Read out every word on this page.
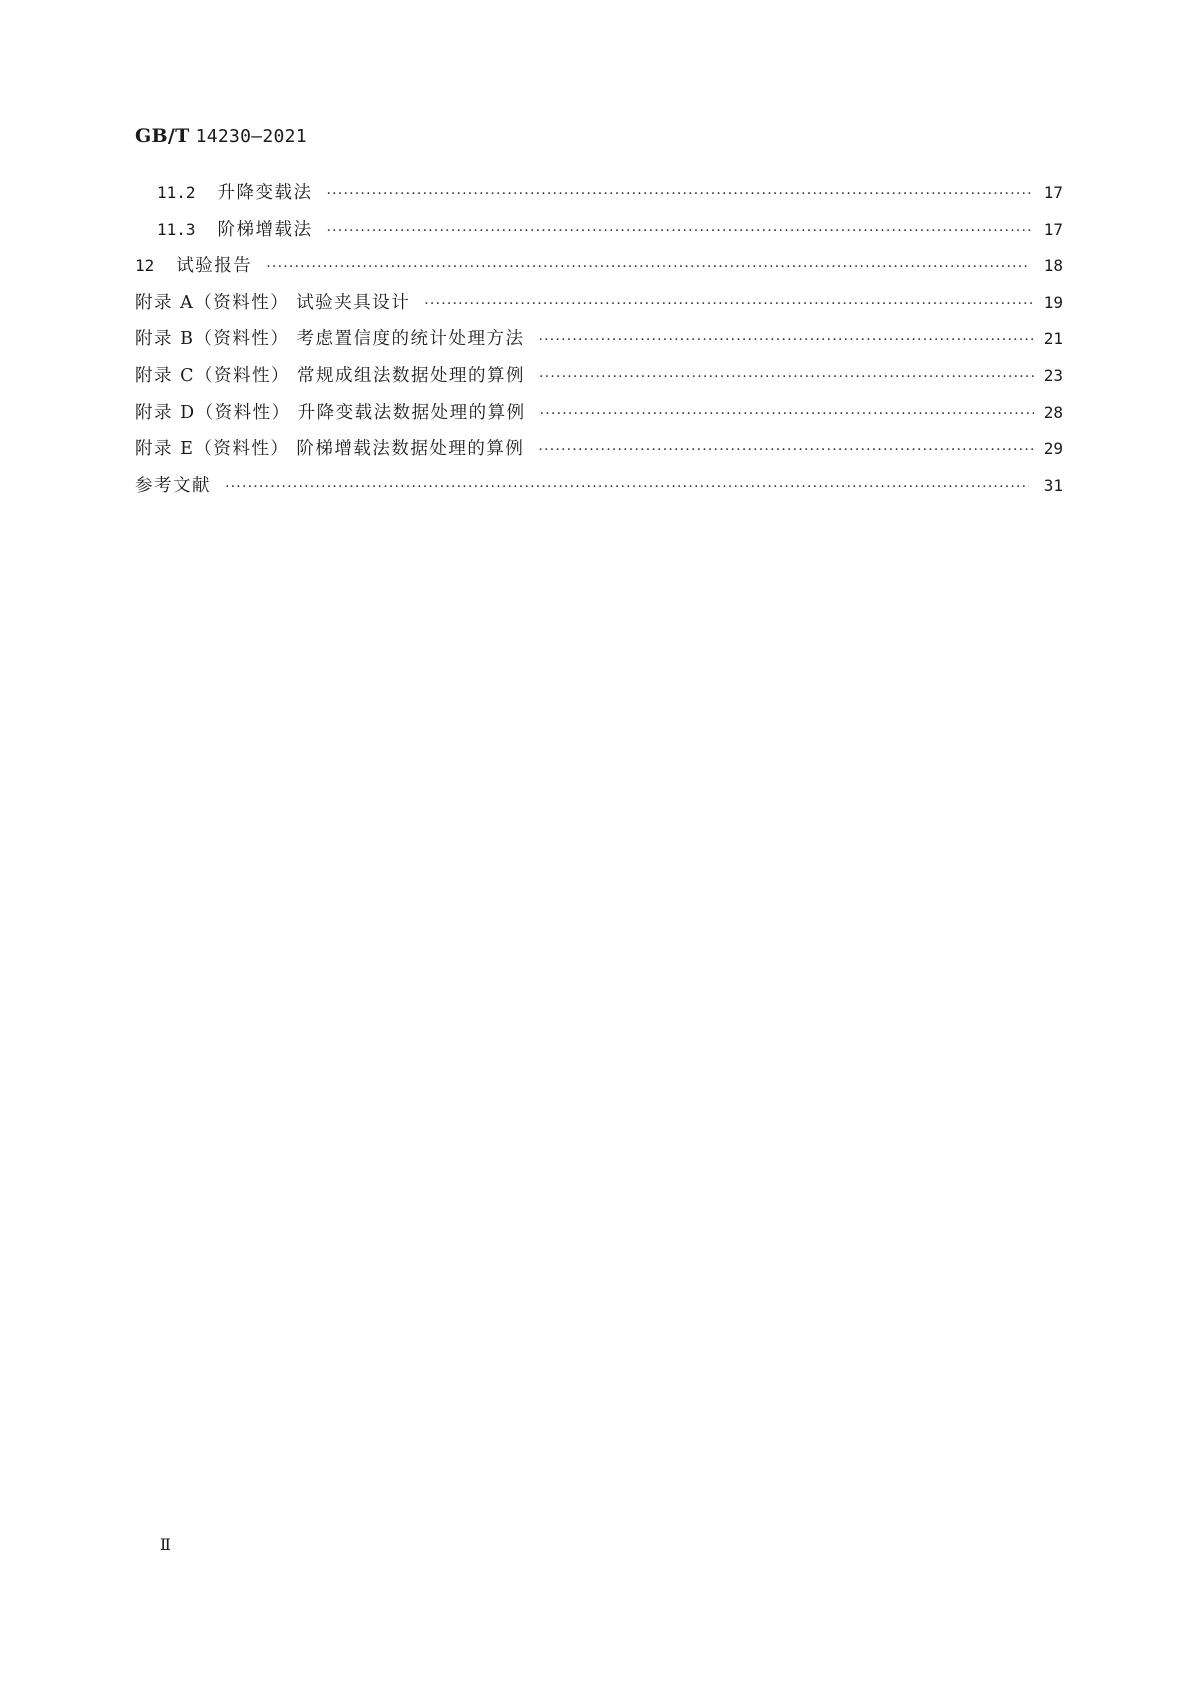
GB/T 14230—2021
11.2 升降变载法 ·····	17
11.3 阶梯增载法 ·····	17
12 试验报告 ·····	18
附录 A（资料性） 试验夹具设计 ·····	19
附录 B（资料性） 考虑置信度的统计处理方法 ·····	21
附录 C（资料性） 常规成组法数据处理的算例 ·····	23
附录 D（资料性） 升降变载法数据处理的算例 ·····	28
附录 E（资料性） 阶梯增载法数据处理的算例 ·····	29
参考文献 ·····	31
Ⅱ
